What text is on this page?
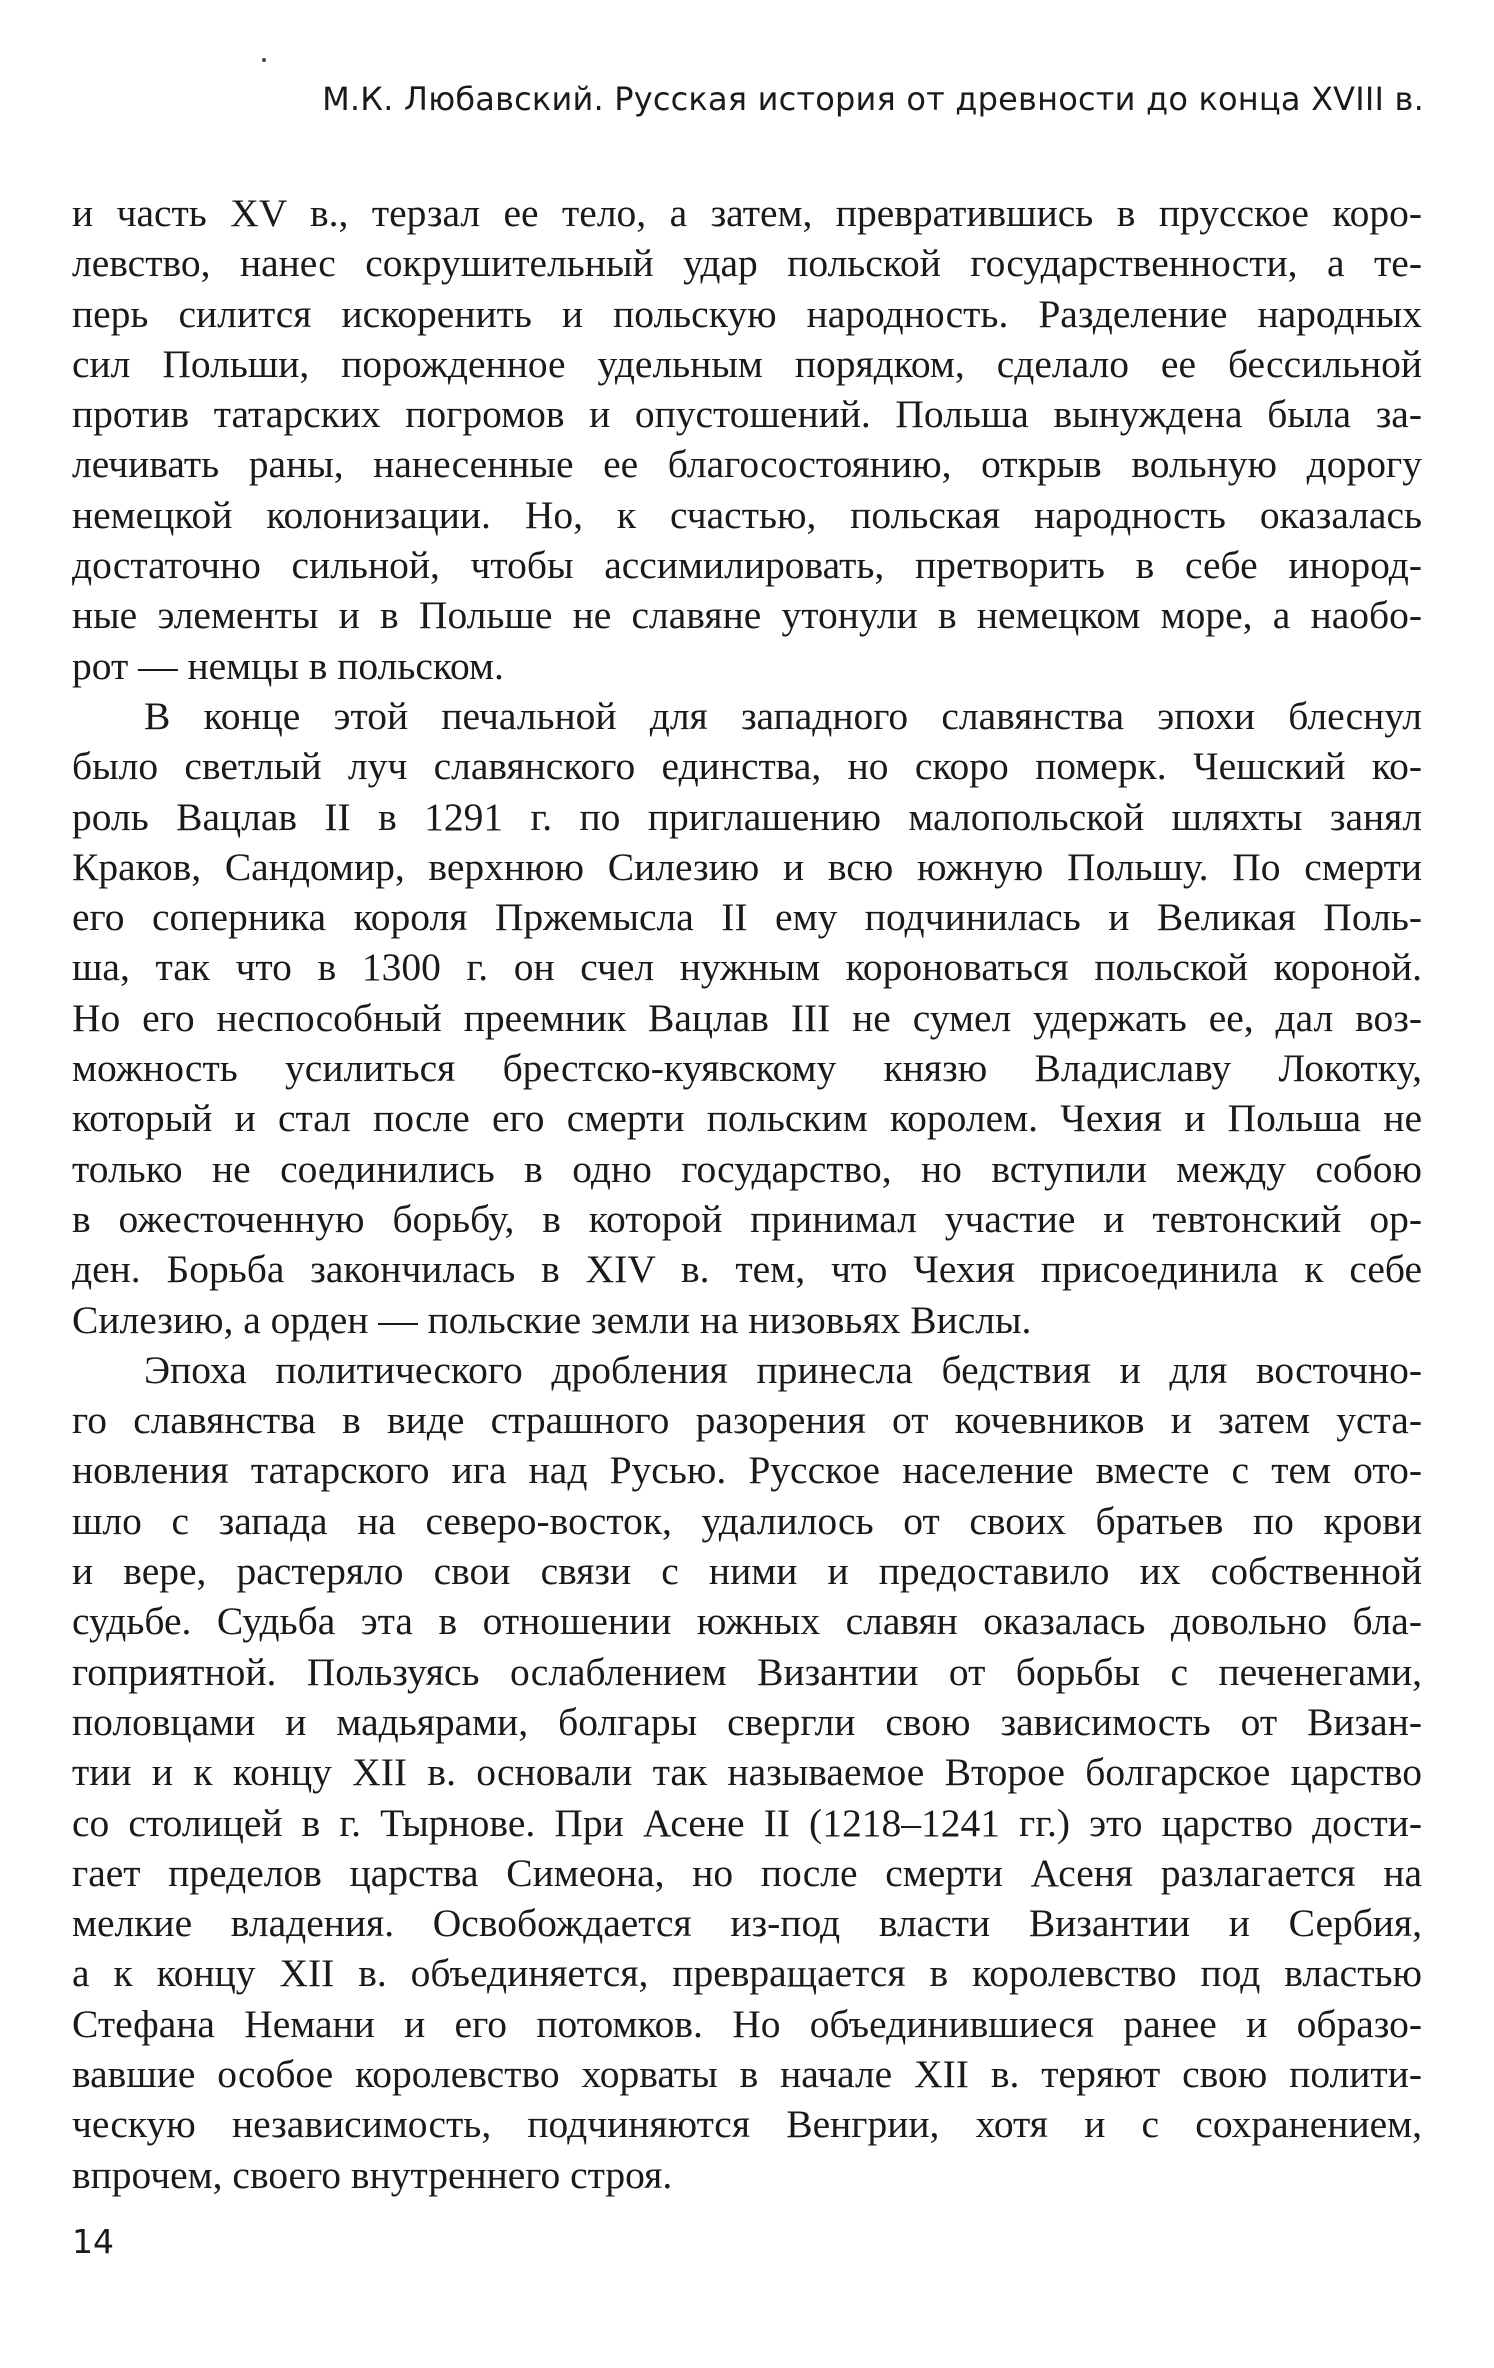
М.К. Любавский. Русская история от древности до конца XVIII в.
и часть XV в., терзал ее тело, а затем, превратившись в прусское коро-
левство, нанес сокрушительный удар польской государственности, а те-
перь силится искоренить и польскую народность. Разделение народных
сил Польши, порожденное удельным порядком, сделало ее бессильной
против татарских погромов и опустошений. Польша вынуждена была за-
лечивать раны, нанесенные ее благосостоянию, открыв вольную дорогу
немецкой колонизации. Но, к счастью, польская народность оказалась
достаточно сильной, чтобы ассимилировать, претворить в себе инород-
ные элементы и в Польше не славяне утонули в немецком море, а наобо-
рот — немцы в польском.
В конце этой печальной для западного славянства эпохи блеснул
было светлый луч славянского единства, но скоро померк. Чешский ко-
роль Вацлав II в 1291 г. по приглашению малопольской шляхты занял
Краков, Сандомир, верхнюю Силезию и всю южную Польшу. По смерти
его соперника короля Пржемысла II ему подчинилась и Великая Поль-
ша, так что в 1300 г. он счел нужным короноваться польской короной.
Но его неспособный преемник Вацлав III не сумел удержать ее, дал воз-
можность усилиться брестско-куявскому князю Владиславу Локотку,
который и стал после его смерти польским королем. Чехия и Польша не
только не соединились в одно государство, но вступили между собою
в ожесточенную борьбу, в которой принимал участие и тевтонский ор-
ден. Борьба закончилась в XIV в. тем, что Чехия присоединила к себе
Силезию, а орден — польские земли на низовьях Вислы.
Эпоха политического дробления принесла бедствия и для восточно-
го славянства в виде страшного разорения от кочевников и затем уста-
новления татарского ига над Русью. Русское население вместе с тем ото-
шло с запада на северо-восток, удалилось от своих братьев по крови
и вере, растеряло свои связи с ними и предоставило их собственной
судьбе. Судьба эта в отношении южных славян оказалась довольно бла-
гоприятной. Пользуясь ослаблением Византии от борьбы с печенегами,
половцами и мадьярами, болгары свергли свою зависимость от Визан-
тии и к концу XII в. основали так называемое Второе болгарское царство
со столицей в г. Тырнове. При Асене II (1218–1241 гг.) это царство дости-
гает пределов царства Симеона, но после смерти Асеня разлагается на
мелкие владения. Освобождается из-под власти Византии и Сербия,
а к концу XII в. объединяется, превращается в королевство под властью
Стефана Немани и его потомков. Но объединившиеся ранее и образо-
вавшие особое королевство хорваты в начале XII в. теряют свою полити-
ческую независимость, подчиняются Венгрии, хотя и с сохранением,
впрочем, своего внутреннего строя.
14
